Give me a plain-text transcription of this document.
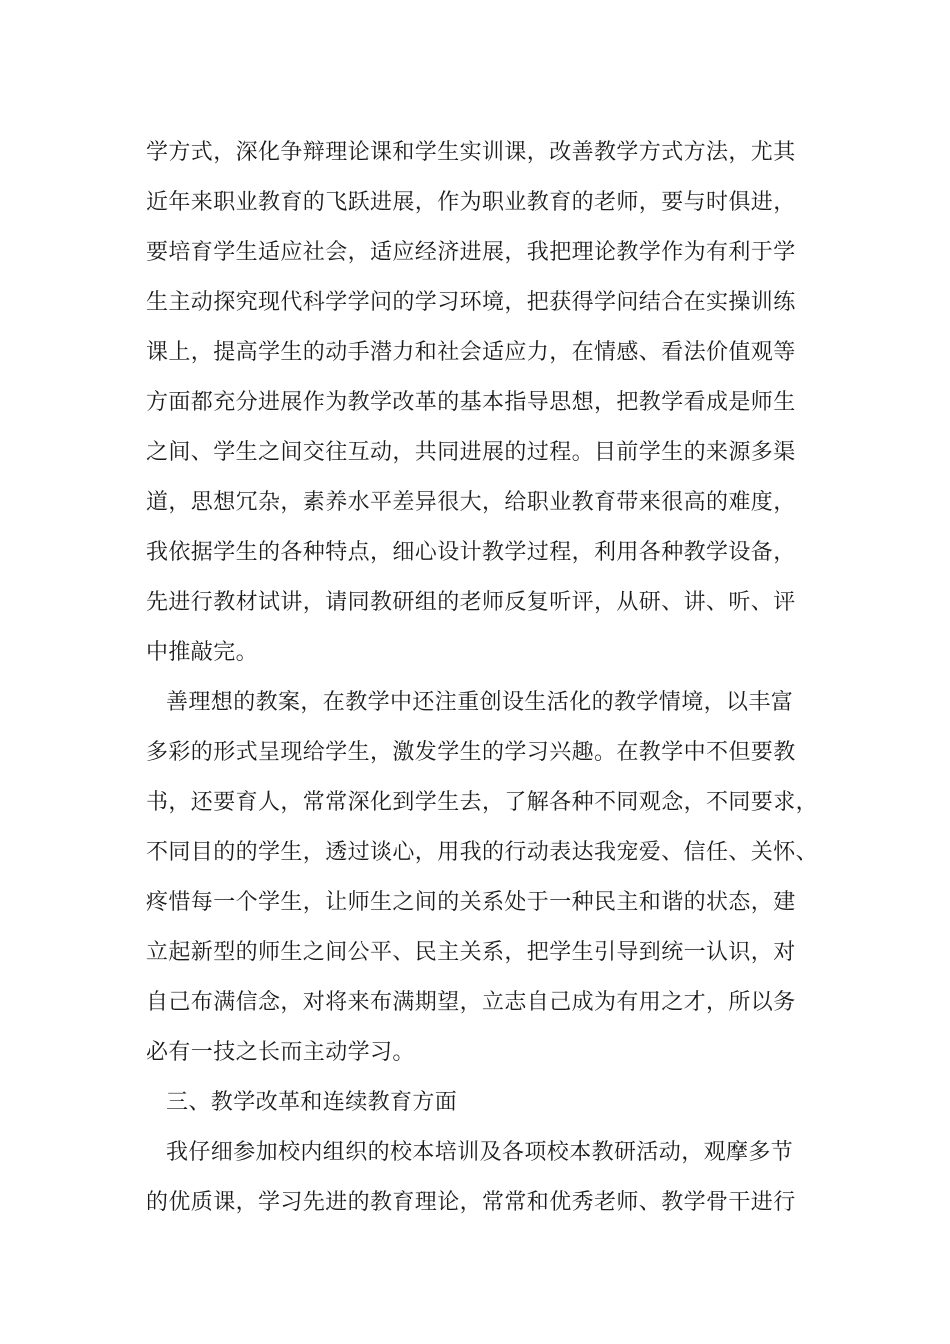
学方式，深化争辩理论课和学生实训课，改善教学方式方法，尤其
近年来职业教育的飞跃进展，作为职业教育的老师，要与时俱进，
要培育学生适应社会，适应经济进展，我把理论教学作为有利于学
生主动探究现代科学学问的学习环境，把获得学问结合在实操训练
课上，提高学生的动手潜力和社会适应力，在情感、看法价值观等
方面都充分进展作为教学改革的基本指导思想，把教学看成是师生
之间、学生之间交往互动，共同进展的过程。目前学生的来源多渠
道，思想冗杂，素养水平差异很大，给职业教育带来很高的难度，
我依据学生的各种特点，细心设计教学过程，利用各种教学设备，
先进行教材试讲，请同教研组的老师反复听评，从研、讲、听、评
中推敲完。
善理想的教案，在教学中还注重创设生活化的教学情境，以丰富
多彩的形式呈现给学生，激发学生的学习兴趣。在教学中不但要教
书，还要育人，常常深化到学生去，了解各种不同观念，不同要求，
不同目的的学生，透过谈心，用我的行动表达我宠爱、信任、关怀、
疼惜每一个学生，让师生之间的关系处于一种民主和谐的状态，建
立起新型的师生之间公平、民主关系，把学生引导到统一认识，对
自己布满信念，对将来布满期望，立志自己成为有用之才，所以务
必有一技之长而主动学习。
三、教学改革和连续教育方面
我仔细参加校内组织的校本培训及各项校本教研活动，观摩多节
的优质课，学习先进的教育理论，常常和优秀老师、教学骨干进行
